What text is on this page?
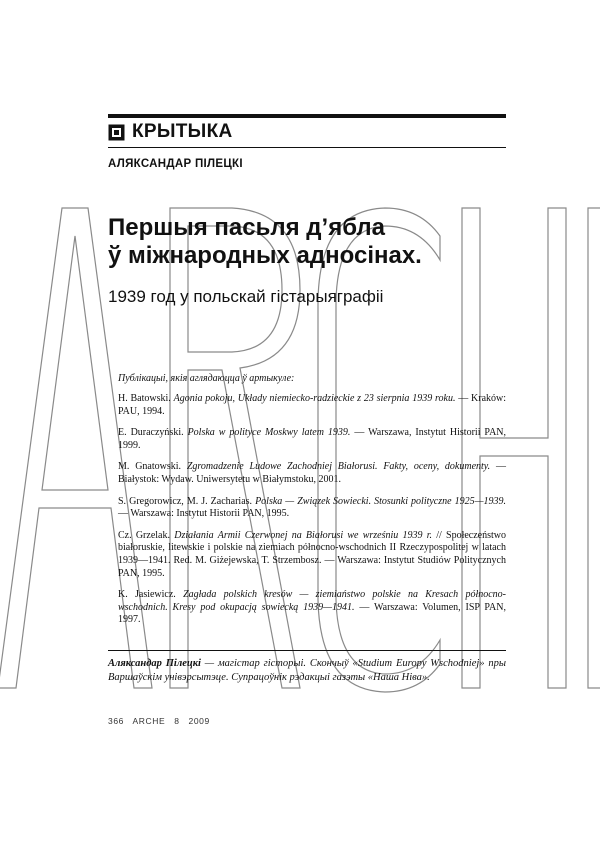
КРЫТЫКА
АЛЯКСАНДАР ПІЛЕЦКІ
Першыя пасьля д’ябла
ў міжнародных адносінах.
1939 год у польскай гістарыяграфіі
Публікацыі, якія аглядаюцца ў артыкуле:

H. Batowski. Agonia pokoju, Układy niemiecko-radzieckie z 23 sierpnia 1939 roku. — Kraków: PAU, 1994.

E. Duraczyński. Polska w polityce Moskwy latem 1939. — Warszawa, Instytut Historii PAN, 1999.

M. Gnatowski. Zgromadzenie Ludowe Zachodniej Białorusi. Fakty, oceny, dokumenty. — Białystok: Wydaw. Uniwersytetu w Białymstoku, 2001.

S. Gregorowicz, M. J. Zacharias. Polska — Związek Sowiecki. Stosunki polityczne 1925—1939. — Warszawa: Instytut Historii PAN, 1995.

Cz. Grzelak. Działania Armii Czerwonej na Białorusi we wrześniu 1939 r. // Społeczeństwo białoruskie, litewskie i polskie na ziemiach północno-wschodnich II Rzeczypospolitej w latach 1939—1941. Red. M. Giżejewska, T. Strzembosz. — Warszawa: Instytut Studiów Politycznych PAN, 1995.

K. Jasiewicz. Zagłada polskich kresów — ziemiaństwo polskie na Kresach północno-wschodnich. Kresy pod okupacją sowiecką 1939—1941. — Warszawa: Volumen, ISP PAN, 1997.

Аляксандар Пілецкі — магістар гісторыі. Скончыў «Studium Europy Wschodniej» пры Варшаўскім унівэрсытэце. Супрацоўнік рэдакцыі газэты «Наша Ніва».
366 ARCHE 8 2009
